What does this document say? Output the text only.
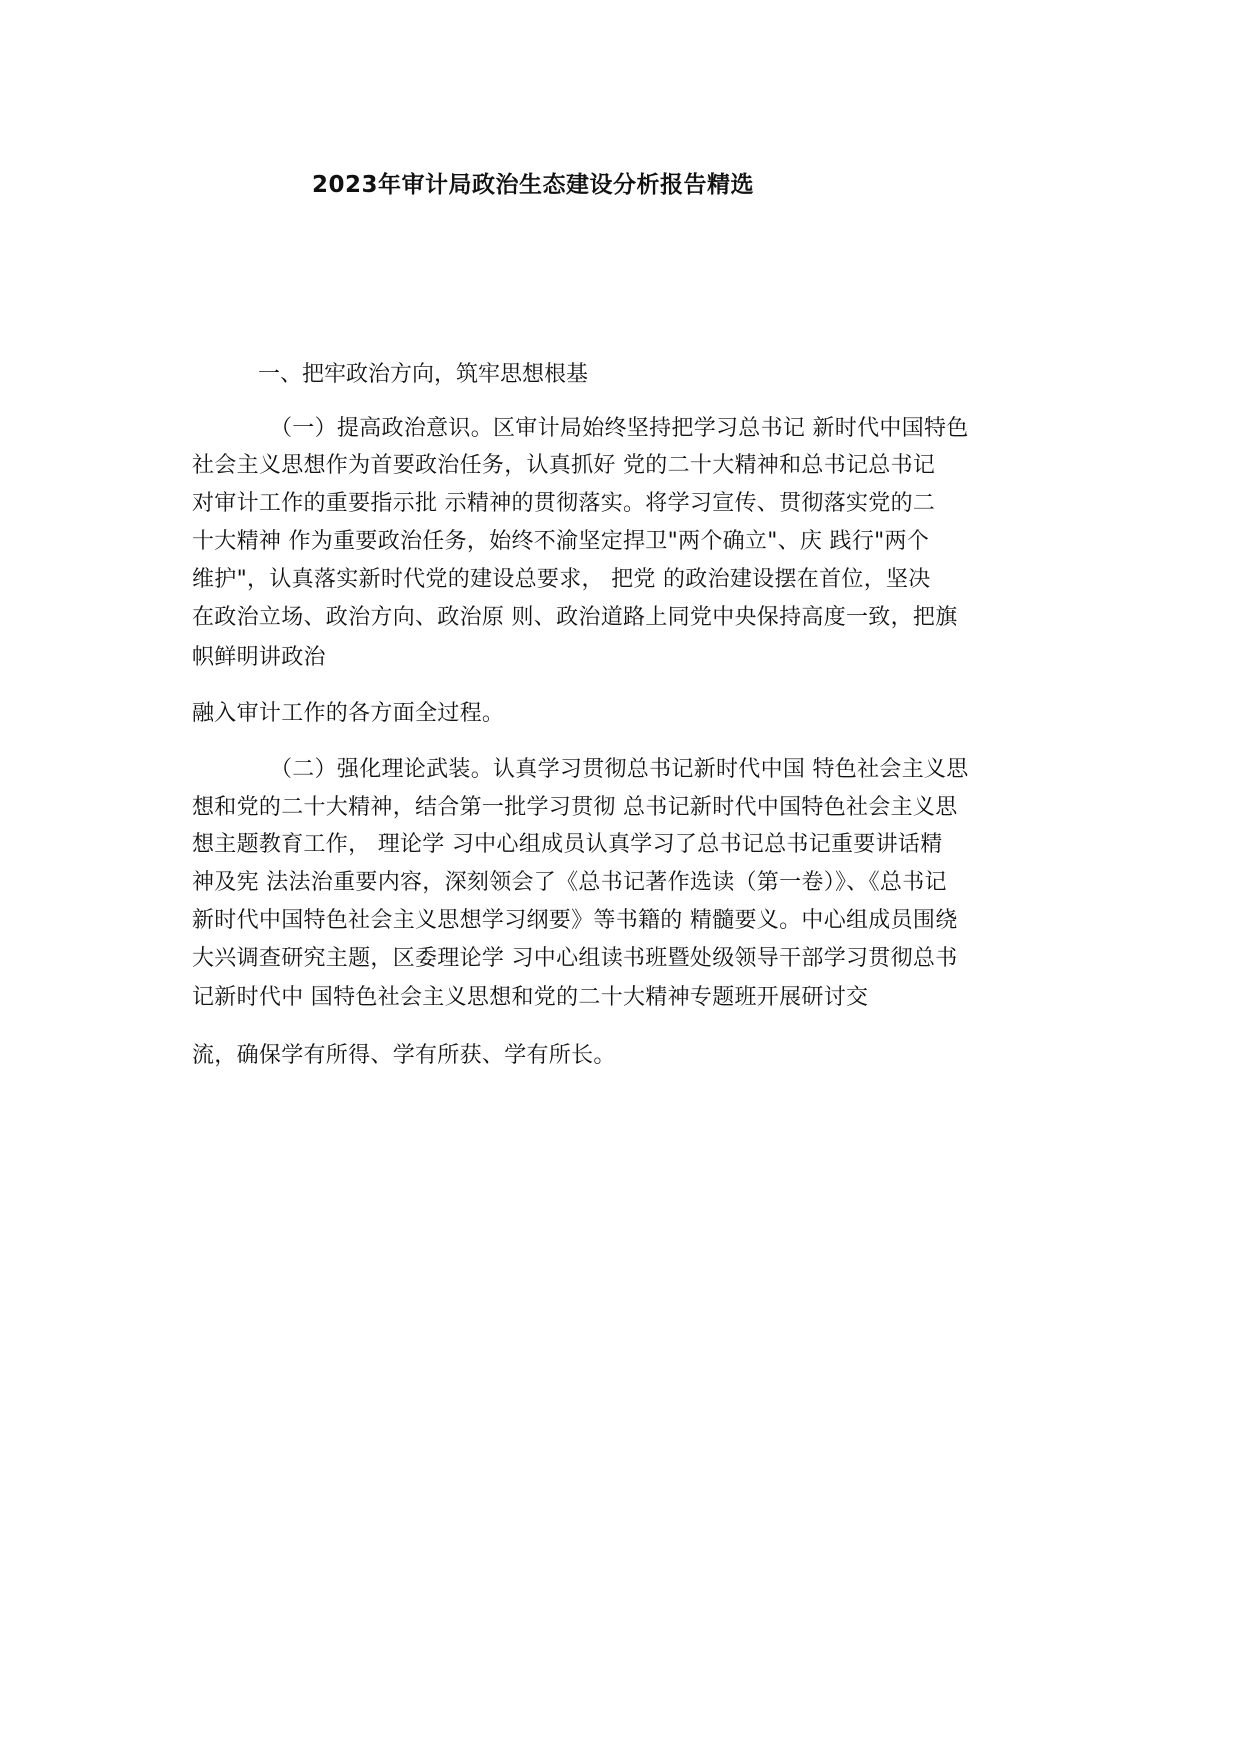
2023年审计局政治生态建设分析报告精选
一、把牢政治方向，筑牢思想根基
（一）提高政治意识。区审计局始终坚持把学习总书记 新时代中国特色
社会主义思想作为首要政治任务，认真抓好 党的二十大精神和总书记总书记
对审计工作的重要指示批 示精神的贯彻落实。将学习宣传、贯彻落实党的二
十大精神 作为重要政治任务，始终不渝坚定捍卫"两个确立"、庆 践行"两个
维护"，认真落实新时代党的建设总要求， 把党 的政治建设摆在首位，坚决
在政治立场、政治方向、政治原 则、政治道路上同党中央保持高度一致，把旗
帜鲜明讲政治
融入审计工作的各方面全过程。
（二）强化理论武装。认真学习贯彻总书记新时代中国 特色社会主义思
想和党的二十大精神，结合第一批学习贯彻 总书记新时代中国特色社会主义思
想主题教育工作， 理论学 习中心组成员认真学习了总书记总书记重要讲话精
神及宪 法法治重要内容，深刻领会了《总书记著作选读（第一卷）》、《总书记
新时代中国特色社会主义思想学习纲要》等书籍的 精髓要义。中心组成员围绕
大兴调查研究主题，区委理论学 习中心组读书班暨处级领导干部学习贯彻总书
记新时代中 国特色社会主义思想和党的二十大精神专题班开展研讨交
流，确保学有所得、学有所获、学有所长。
